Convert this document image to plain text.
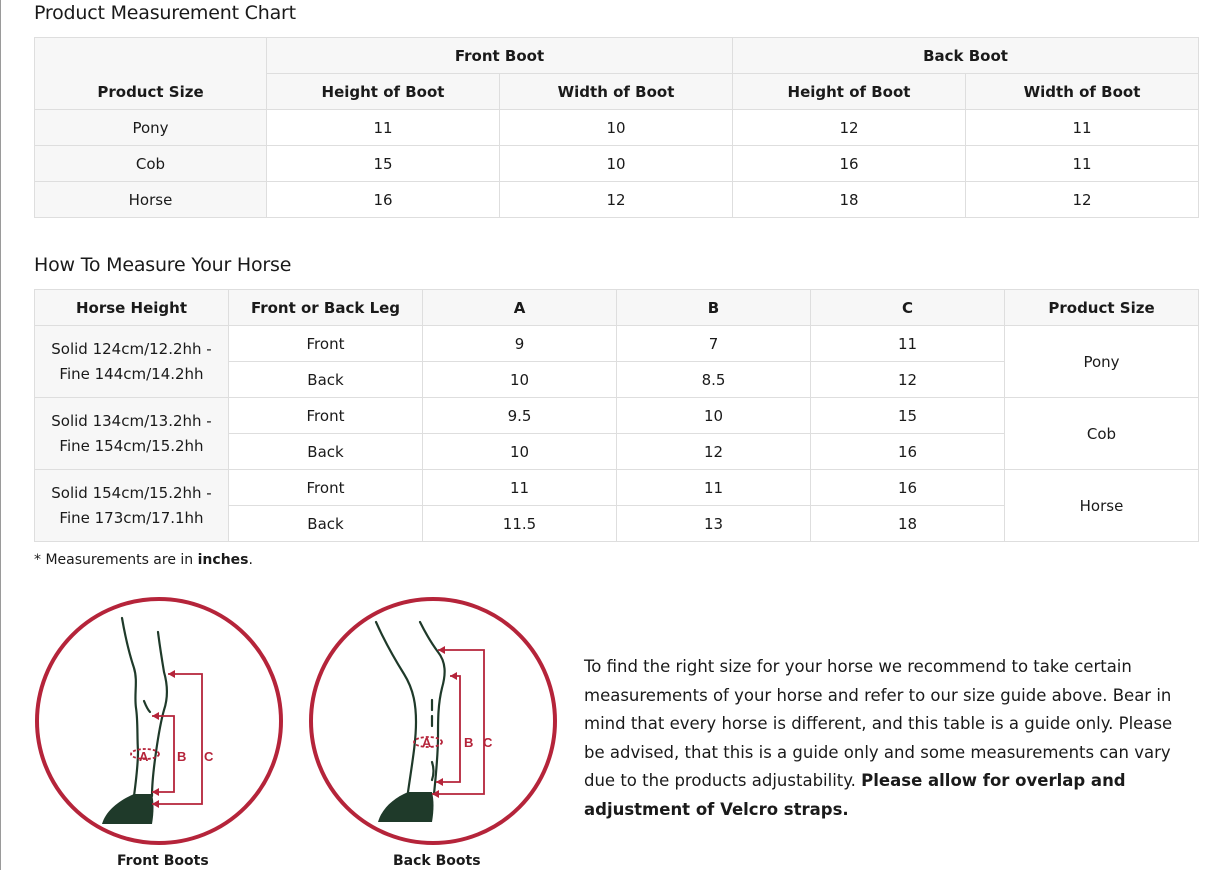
Product Measurement Chart
Product Size	Front Boot		Back Boot	
	Height of Boot	Width of Boot	Height of Boot	Width of Boot
Pony	11	10	12	11
Cob	15	10	16	11
Horse	16	12	18	12
How To Measure Your Horse
Horse Height	Front or Back Leg	A	B	C	Product Size

Solid 124cm/12.2hh -
Fine 144cm/14.2hh	Front	9	7	11	Pony
	Back	10	8.5	12	

Solid 134cm/13.2hh -
Fine 154cm/15.2hh	Front	9.5	10	15	Cob
	Back	10	12	16	

Solid 154cm/15.2hh -
Fine 173cm/17.1hh	Front	11	11	16	Horse
	Back	11.5	13	18	
* Measurements are in inches.
A B C
Front Boots
A	B C
Back Boots
To find the right size for your horse we recommend to take certain measurements of your horse and refer to our size guide above. Bear in mind that every horse is different, and this table is a guide only. Please be advised, that this is a guide only and some measurements can vary due to the products adjustability. Please allow for overlap and adjustment of Velcro straps.
